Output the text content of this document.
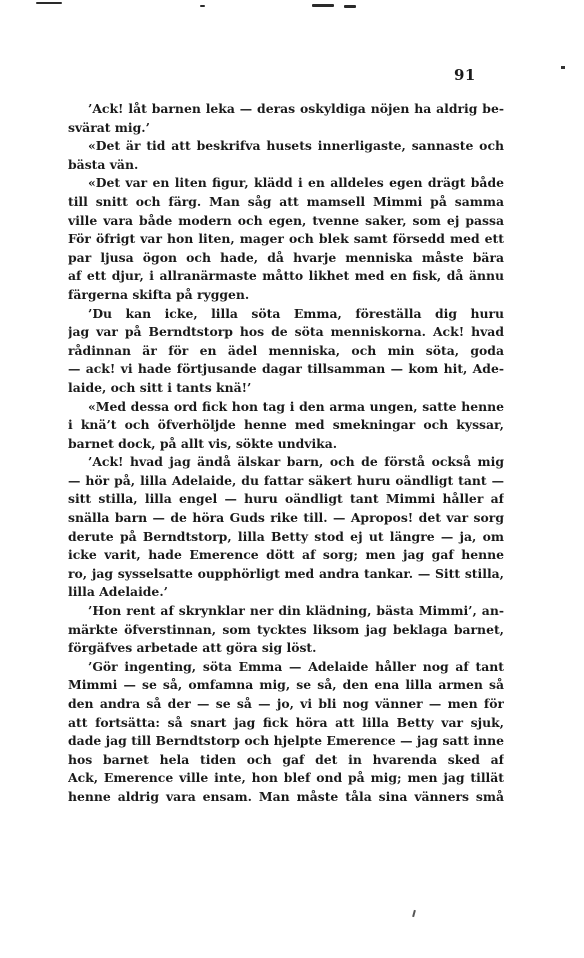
91
’Ack! låt barnen leka — deras oskyldiga nöjen ha aldrig be-
svärat mig.’
«Det är tid att beskrifva husets innerligaste, sannaste och
bästa vän.
«Det var en liten figur, klädd i en alldeles egen drägt både
till snitt och färg. Man såg att mamsell Mimmi på samma
ville vara både modern och egen, tvenne saker, som ej passa
För öfrigt var hon liten, mager och blek samt försedd med ett
par ljusa ögon och hade, då hvarje menniska måste bära
af ett djur, i allranärmaste måtto likhet med en fisk, då ännu
färgerna skifta på ryggen.
’Du kan icke, lilla söta Emma, föreställa dig huru
jag var på Berndtstorp hos de söta menniskorna. Ack! hvad
rådinnan är för en ädel menniska, och min söta, goda
— ack! vi hade förtjusande dagar tillsamman — kom hit, Ade-
laide, och sitt i tants knä!’
«Med dessa ord fick hon tag i den arma ungen, satte henne
i knä’t och öfverhöljde henne med smekningar och kyssar,
barnet dock, på allt vis, sökte undvika.
’Ack! hvad jag ändå älskar barn, och de förstå också mig
— hör på, lilla Adelaide, du fattar säkert huru oändligt tant —
sitt stilla, lilla engel — huru oändligt tant Mimmi håller af
snälla barn — de höra Guds rike till. — Apropos! det var sorg
derute på Berndtstorp, lilla Betty stod ej ut längre — ja, om
icke varit, hade Emerence dött af sorg; men jag gaf henne
ro, jag sysselsatte oupphörligt med andra tankar. — Sitt stilla,
lilla Adelaide.’
’Hon rent af skrynklar ner din klädning, bästa Mimmi’, an-
märkte öfverstinnan, som tycktes liksom jag beklaga barnet,
förgäfves arbetade att göra sig löst.
’Gör ingenting, söta Emma — Adelaide håller nog af tant
Mimmi — se så, omfamna mig, se så, den ena lilla armen så
den andra så der — se så — jo, vi bli nog vänner — men för
att fortsätta: så snart jag fick höra att lilla Betty var sjuk,
dade jag till Berndtstorp och hjelpte Emerence — jag satt inne
hos barnet hela tiden och gaf det in hvarenda sked af
Ack, Emerence ville inte, hon blef ond på mig; men jag tillät
henne aldrig vara ensam. Man måste tåla sina vänners små
